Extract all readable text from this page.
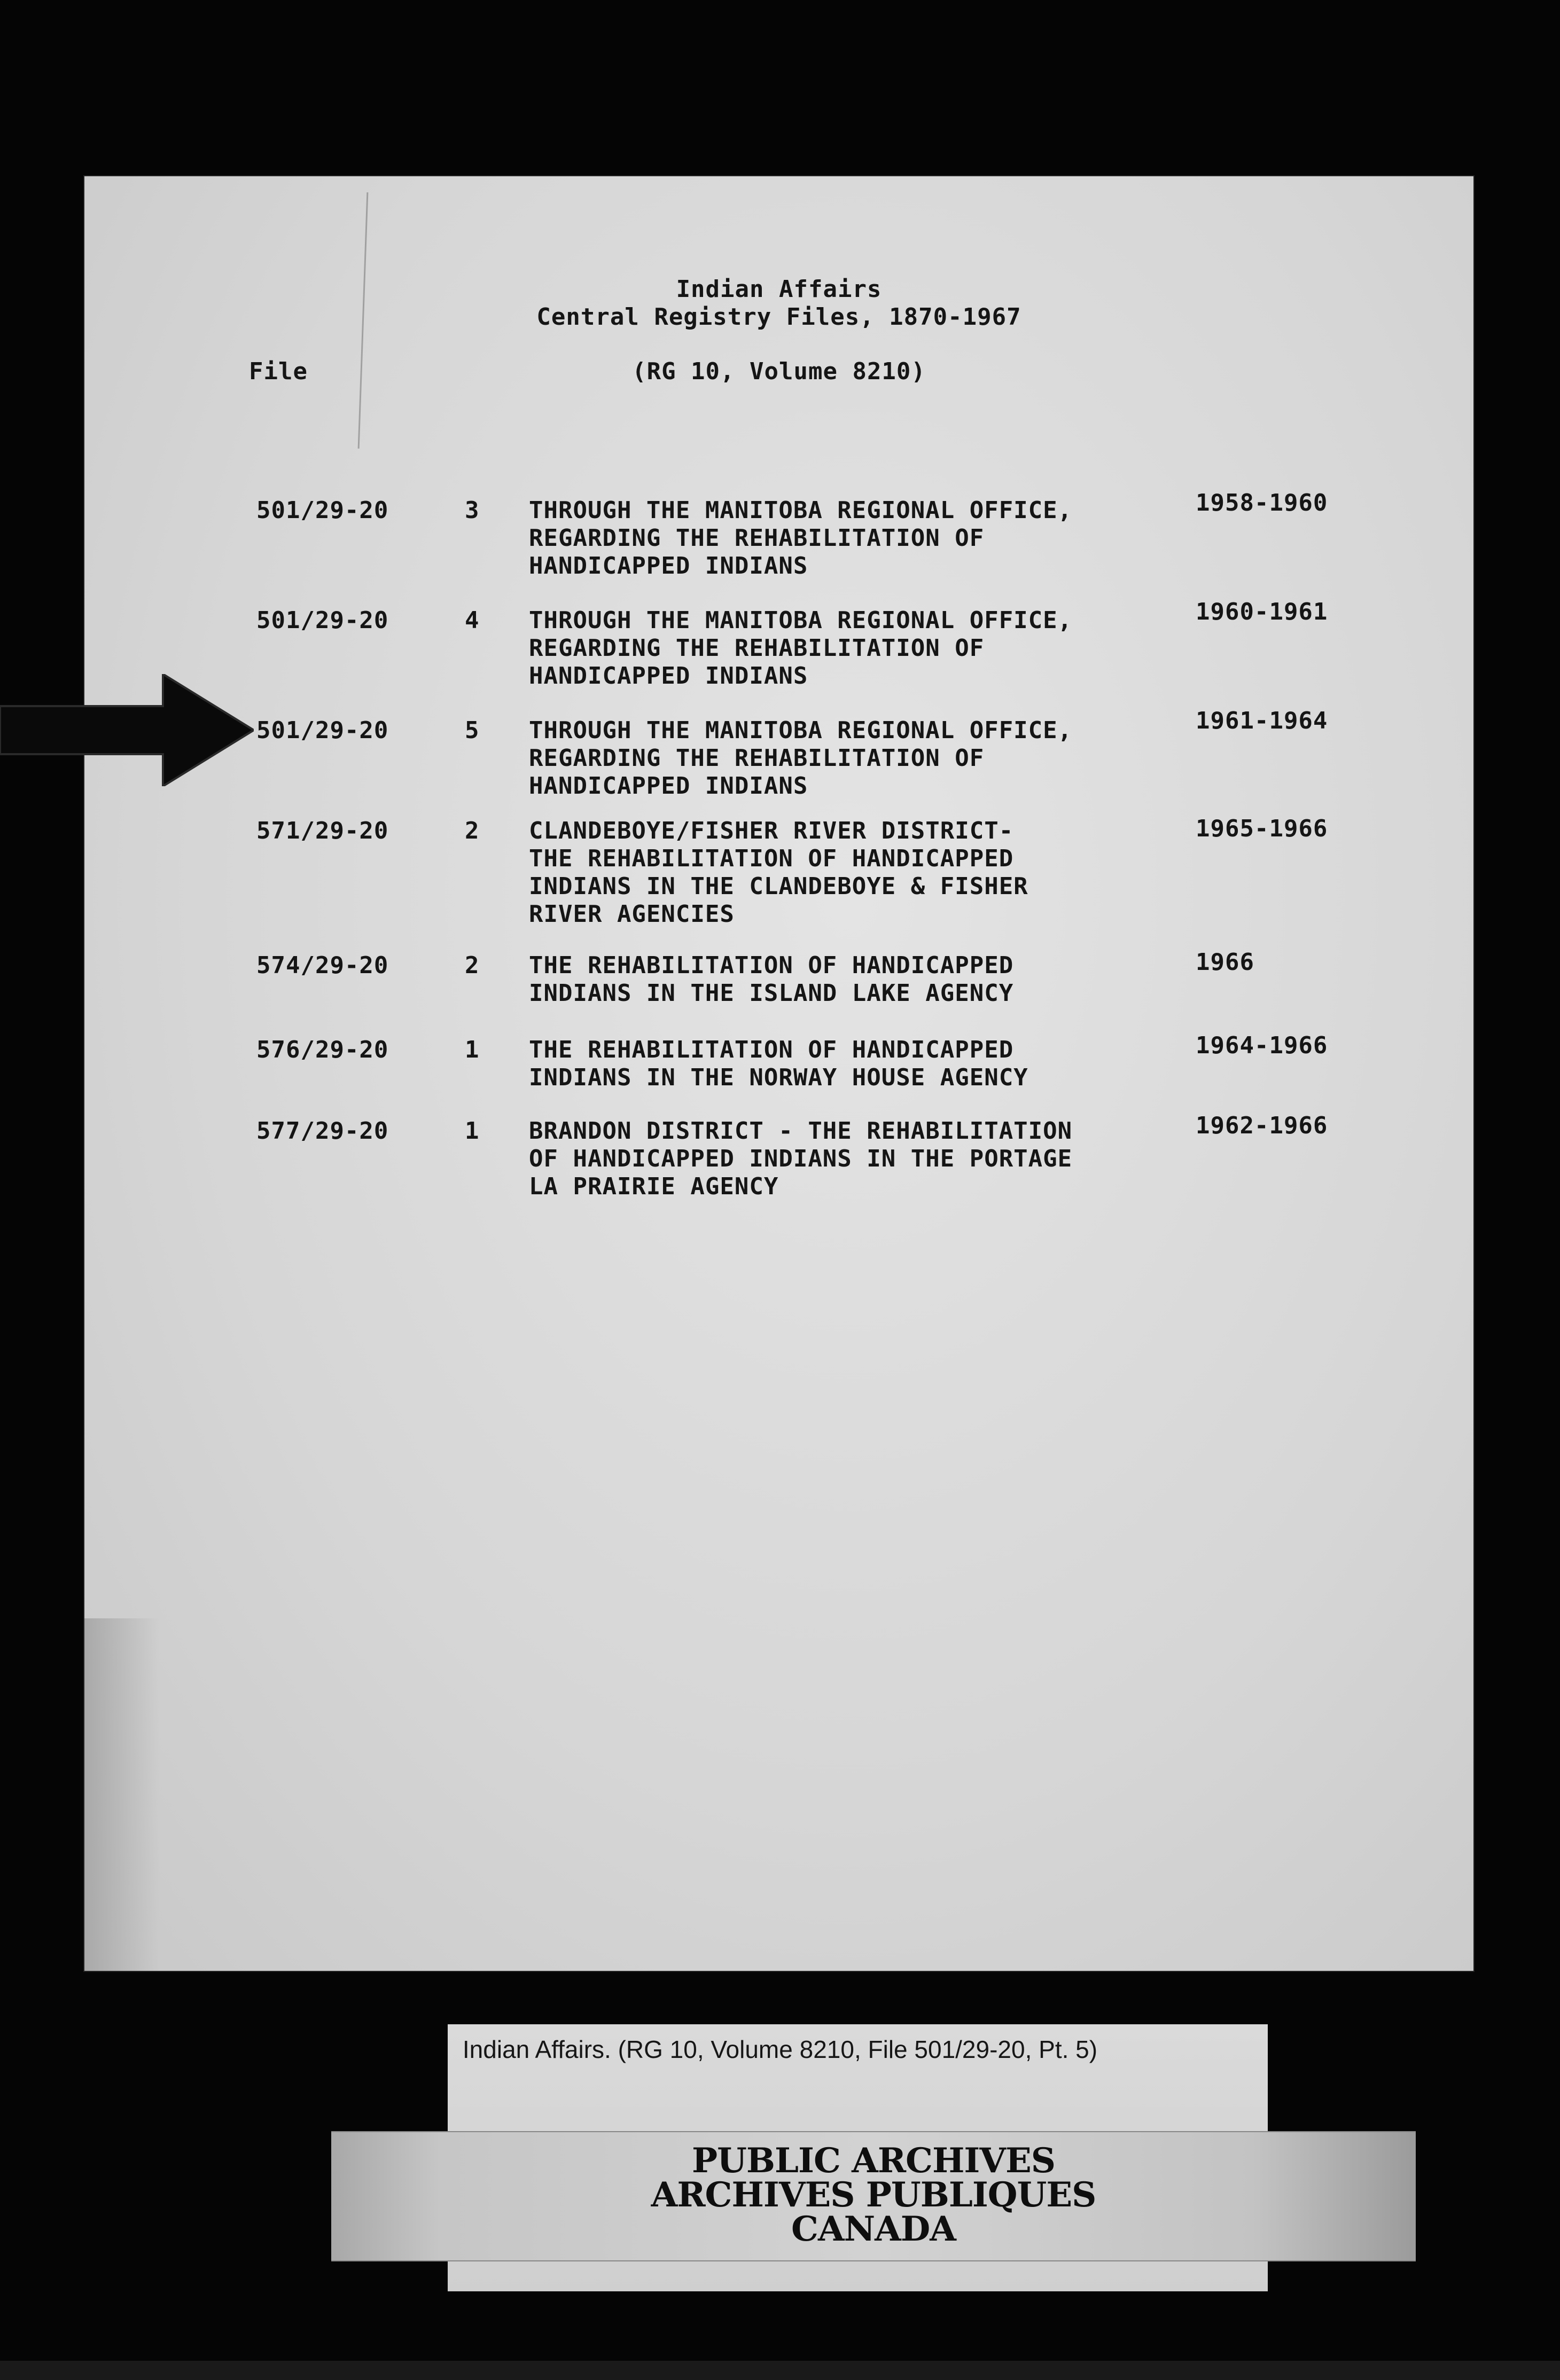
Indian Affairs
Central Registry Files, 1870-1967
File	(RG 10, Volume 8210)
501/29-20	3 THROUGH THE MANITOBA REGIONAL OFFICE,
REGARDING THE REHABILITATION OF
HANDICAPPED INDIANS
1958-1960
501/29-20	4 THROUGH THE MANITOBA REGIONAL OFFICE,
REGARDING THE REHABILITATION OF
HANDICAPPED INDIANS
1960-1961
501/29-20	5 THROUGH THE MANITOBA REGIONAL OFFICE,
REGARDING THE REHABILITATION OF
HANDICAPPED INDIANS
1961-1964
571/29-20	2 CLANDEBOYE/FISHER RIVER DISTRICT-
THE REHABILITATION OF HANDICAPPED
INDIANS IN THE CLANDEBOYE & FISHER
RIVER AGENCIES
1965-1966
574/29-20	2 THE REHABILITATION OF HANDICAPPED
INDIANS IN THE ISLAND LAKE AGENCY
1966
576/29-20	1 THE REHABILITATION OF HANDICAPPED
INDIANS IN THE NORWAY HOUSE AGENCY
1964-1966
577/29-20	1 BRANDON DISTRICT - THE REHABILITATION
OF HANDICAPPED INDIANS IN THE PORTAGE
LA PRAIRIE AGENCY
1962-1966
Indian Affairs. (RG 10, Volume 8210, File 501/29-20, Pt. 5)
PUBLIC ARCHIVES
ARCHIVES PUBLIQUES
CANADA
